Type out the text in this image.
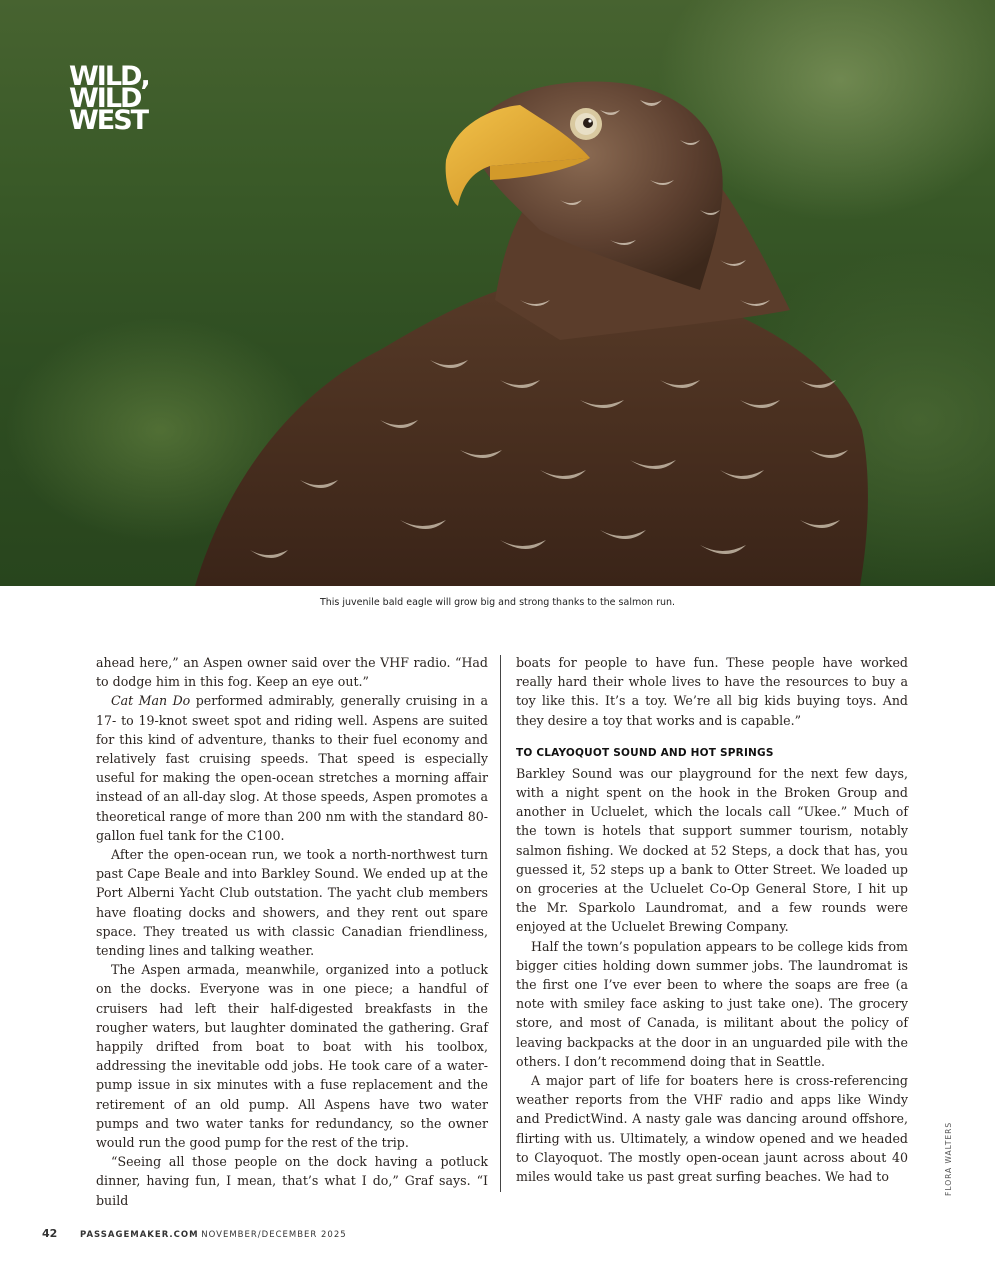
WILD,
WILD
WEST
This juvenile bald eagle will grow big and strong thanks to the salmon run.

ahead here,” an Aspen owner said over the VHF radio. “Had to dodge him in this fog. Keep an eye out.”

Cat Man Do performed admirably, generally cruising in a 17- to 19-knot sweet spot and riding well. Aspens are suited for this kind of adventure, thanks to their fuel economy and relatively fast cruising speeds. That speed is especially useful for making the open-ocean stretches a morning affair instead of an all-day slog. At those speeds, Aspen promotes a theoretical range of more than 200 nm with the standard 80-gallon fuel tank for the C100.

After the open-ocean run, we took a north-northwest turn past Cape Beale and into Barkley Sound. We ended up at the Port Alberni Yacht Club outstation. The yacht club members have floating docks and showers, and they rent out spare space. They treated us with classic Canadian friendliness, tending lines and talking weather.

The Aspen armada, meanwhile, organized into a potluck on the docks. Everyone was in one piece; a handful of cruisers had left their half-digested breakfasts in the rougher waters, but laughter dominated the gathering. Graf happily drifted from boat to boat with his toolbox, addressing the inevitable odd jobs. He took care of a water-pump issue in six minutes with a fuse replacement and the retirement of an old pump. All Aspens have two water pumps and two water tanks for redundancy, so the owner would run the good pump for the rest of the trip.

“Seeing all those people on the dock having a potluck dinner, having fun, I mean, that’s what I do,” Graf says. “I build

boats for people to have fun. These people have worked really hard their whole lives to have the resources to buy a toy like this. It’s a toy. We’re all big kids buying toys. And they desire a toy that works and is capable.”

TO CLAYOQUOT SOUND AND HOT SPRINGS

Barkley Sound was our playground for the next few days, with a night spent on the hook in the Broken Group and another in Ucluelet, which the locals call “Ukee.” Much of the town is hotels that support summer tourism, notably salmon fishing. We docked at 52 Steps, a dock that has, you guessed it, 52 steps up a bank to Otter Street. We loaded up on groceries at the Ucluelet Co-Op General Store, I hit up the Mr. Sparkolo Laundromat, and a few rounds were enjoyed at the Ucluelet Brewing Company.

Half the town’s population appears to be college kids from bigger cities holding down summer jobs. The laundromat is the first one I’ve ever been to where the soaps are free (a note with smiley face asking to just take one). The grocery store, and most of Canada, is militant about the policy of leaving backpacks at the door in an unguarded pile with the others. I don’t recommend doing that in Seattle.

A major part of life for boaters here is cross-referencing weather reports from the VHF radio and apps like Windy and PredictWind. A nasty gale was dancing around offshore, flirting with us. Ultimately, a window opened and we headed to Clayoquot. The mostly open-ocean jaunt across about 40 miles would take us past great surfing beaches. We had to	FLORA WALTERS
42	PASSAGEMAKER.COM NOVEMBER/DECEMBER 2025
